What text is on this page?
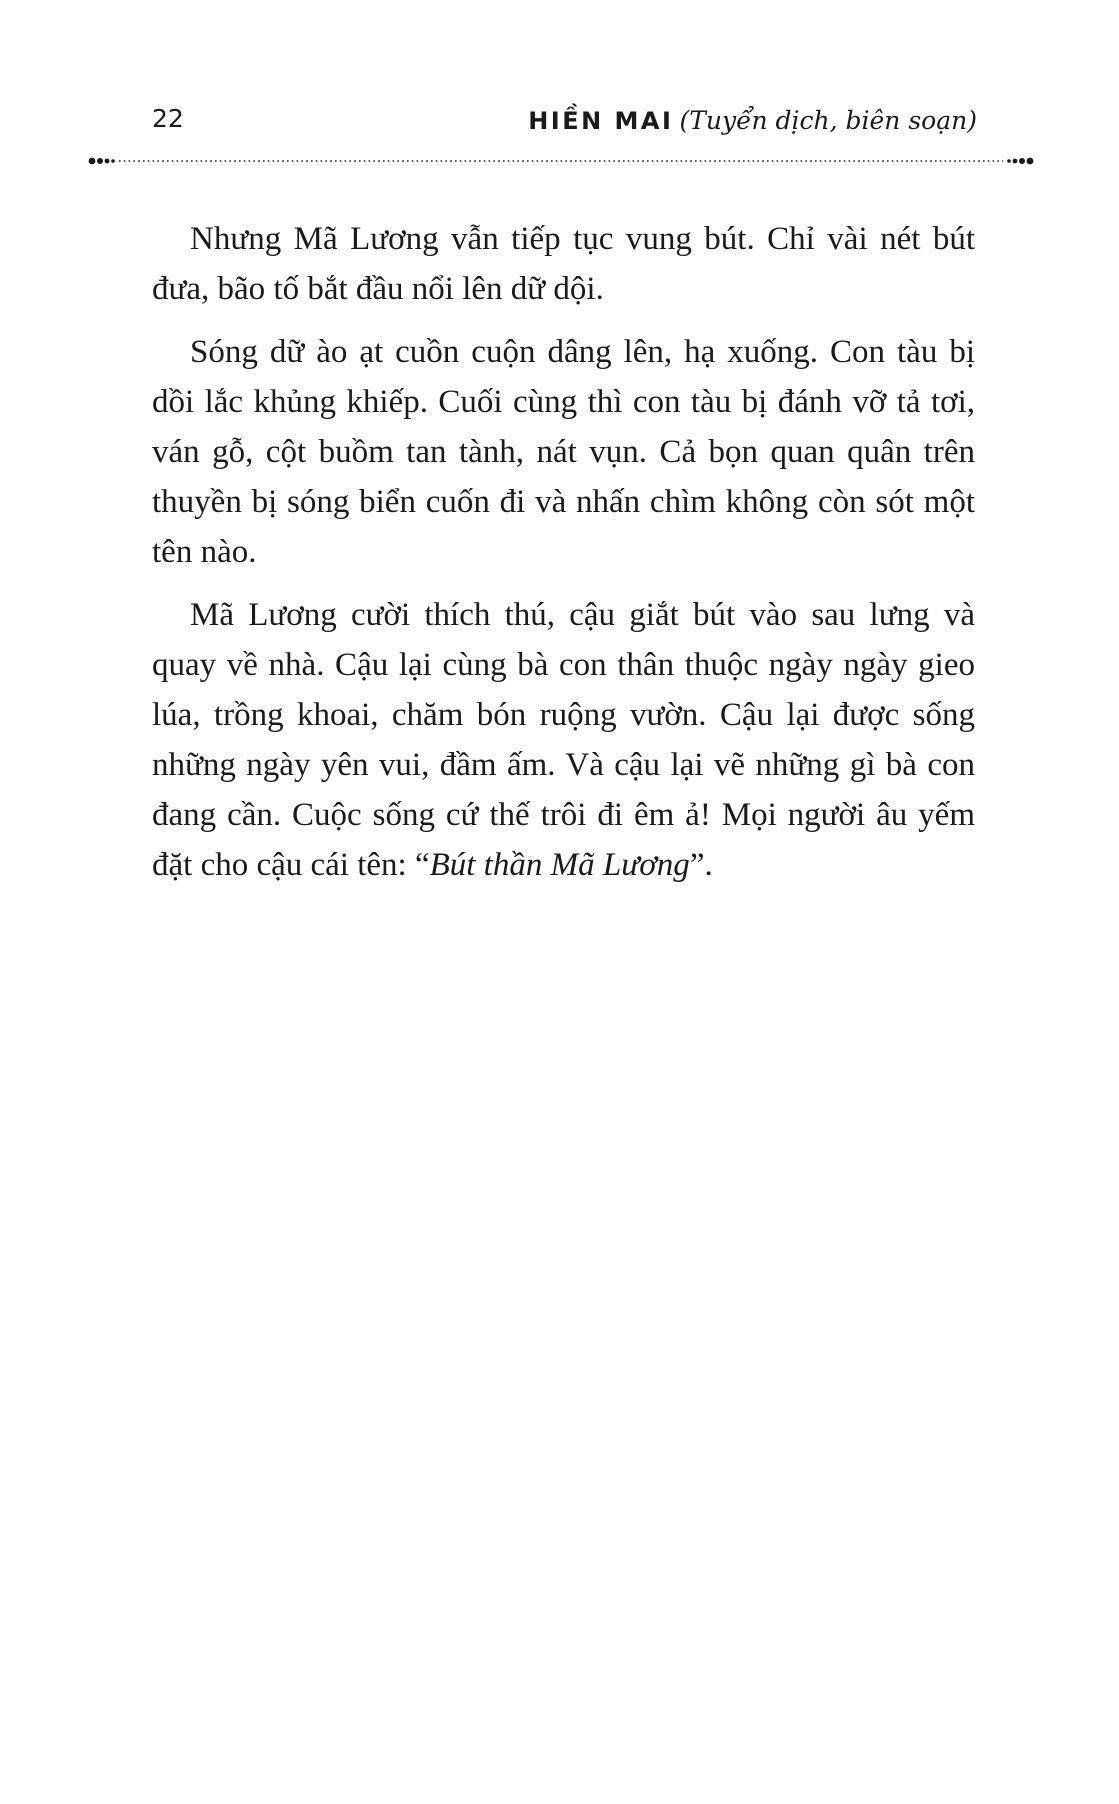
22	HIỀN MAI (Tuyển dịch, biên soạn)

Nhưng Mã Lương vẫn tiếp tục vung bút. Chỉ vài nét bút đưa, bão tố bắt đầu nổi lên dữ dội.

Sóng dữ ào ạt cuồn cuộn dâng lên, hạ xuống. Con tàu bị dồi lắc khủng khiếp. Cuối cùng thì con tàu bị đánh vỡ tả tơi, ván gỗ, cột buồm tan tành, nát vụn. Cả bọn quan quân trên thuyền bị sóng biển cuốn đi và nhấn chìm không còn sót một tên nào.

Mã Lương cười thích thú, cậu giắt bút vào sau lưng và quay về nhà. Cậu lại cùng bà con thân thuộc ngày ngày gieo lúa, trồng khoai, chăm bón ruộng vườn. Cậu lại được sống những ngày yên vui, đầm ấm. Và cậu lại vẽ những gì bà con đang cần. Cuộc sống cứ thế trôi đi êm ả! Mọi người âu yếm đặt cho cậu cái tên: “Bút thần Mã Lương”.
